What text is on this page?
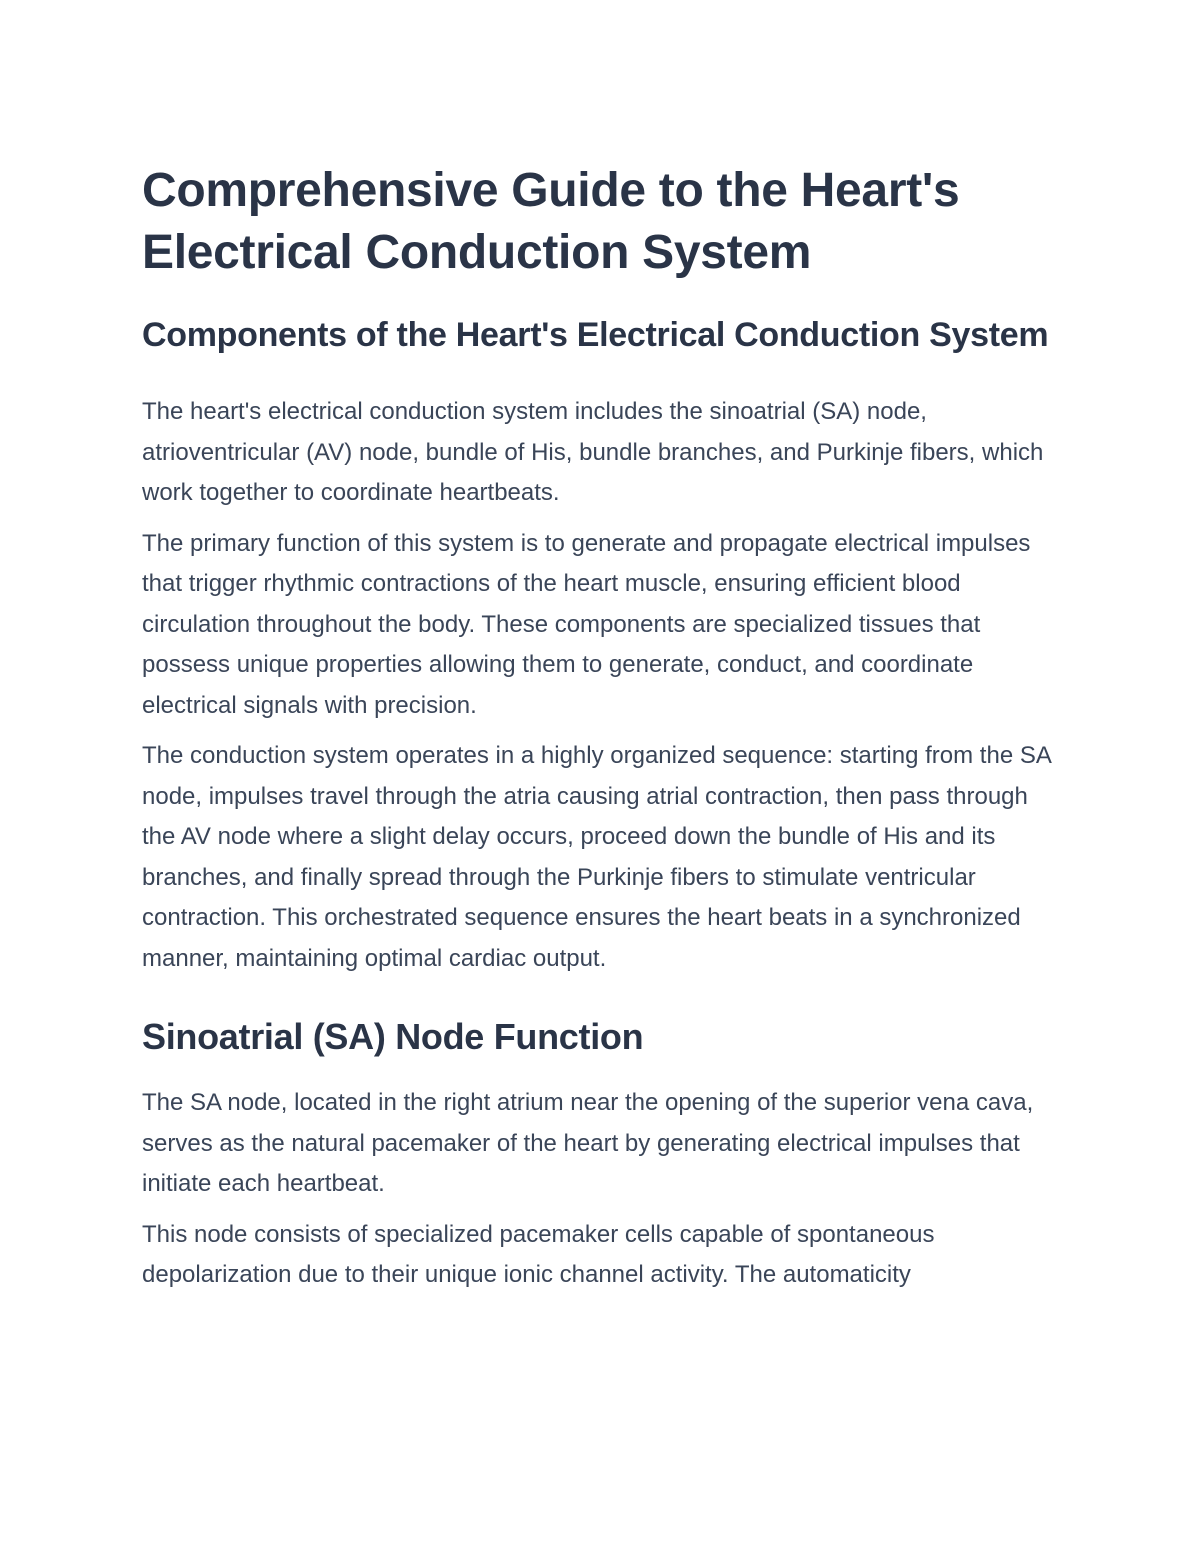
Comprehensive Guide to the Heart's Electrical Conduction System
Components of the Heart's Electrical Conduction System

The heart's electrical conduction system includes the sinoatrial (SA) node, atrioventricular (AV) node, bundle of His, bundle branches, and Purkinje fibers, which work together to coordinate heartbeats.

The primary function of this system is to generate and propagate electrical impulses that trigger rhythmic contractions of the heart muscle, ensuring efficient blood circulation throughout the body. These components are specialized tissues that possess unique properties allowing them to generate, conduct, and coordinate electrical signals with precision.

The conduction system operates in a highly organized sequence: starting from the SA node, impulses travel through the atria causing atrial contraction, then pass through the AV node where a slight delay occurs, proceed down the bundle of His and its branches, and finally spread through the Purkinje fibers to stimulate ventricular contraction. This orchestrated sequence ensures the heart beats in a synchronized manner, maintaining optimal cardiac output.

Sinoatrial (SA) Node Function

The SA node, located in the right atrium near the opening of the superior vena cava, serves as the natural pacemaker of the heart by generating electrical impulses that initiate each heartbeat.

This node consists of specialized pacemaker cells capable of spontaneous depolarization due to their unique ionic channel activity. The automaticity
